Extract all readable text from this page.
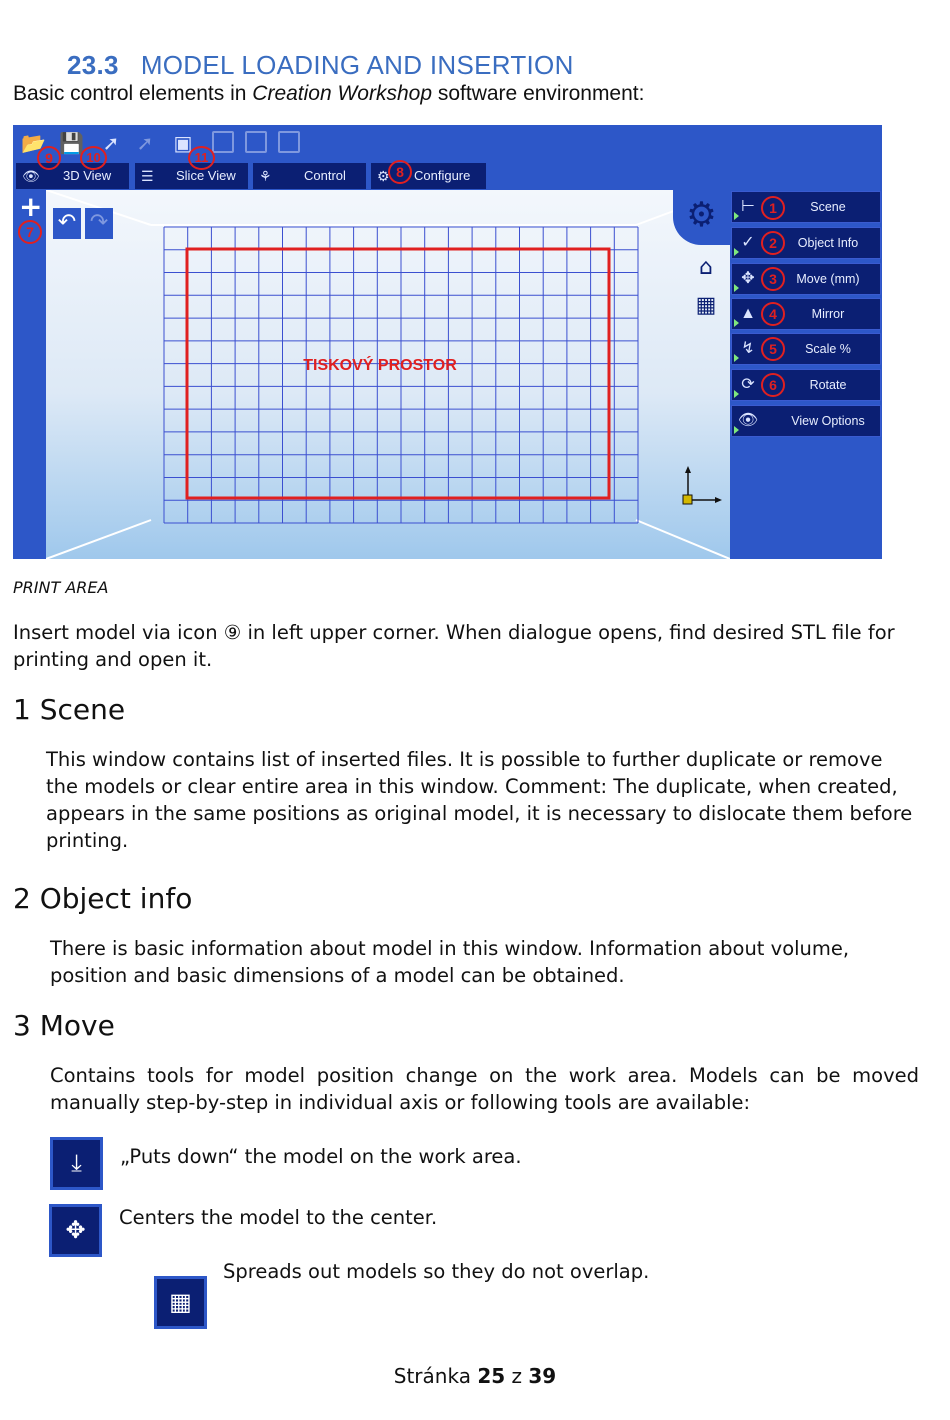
23.3 MODEL LOADING AND INSERTION
Basic control elements in Creation Workshop software environment:
📂 💾 ➚ ➚ ▣
👁 3D View ☰ Slice View ⚘ Control ⚙ Configure
9	10	11
8
+
7
TISKOVÝ PROSTOR
↶ ↷	⚙
⌂
▦
⊢	Scene
✓	Object Info
✥	Move (mm)
▲	Mirror
↯	Scale %
⟳	Rotate
👁	View Options
1
2
3
4
5
6
PRINT AREA
Insert model via icon ⑨ in left upper corner. When dialogue opens, find desired STL file for printing and open it.
1 Scene
This window contains list of inserted files. It is possible to further duplicate or remove the models or clear entire area in this window. Comment: The duplicate, when created, appears in the same positions as original model, it is necessary to dislocate them before printing.
2 Object info
There is basic information about model in this window. Information about volume, position and basic dimensions of a model can be obtained.
3 Move
Contains tools for model position change on the work area. Models can be moved manually step-by-step in individual axis or following tools are available:
⤓	„Puts down“ the model on the work area.
✥	Centers the model to the center.
▦
Spreads out models so they do not overlap.
Stránka 25 z 39
